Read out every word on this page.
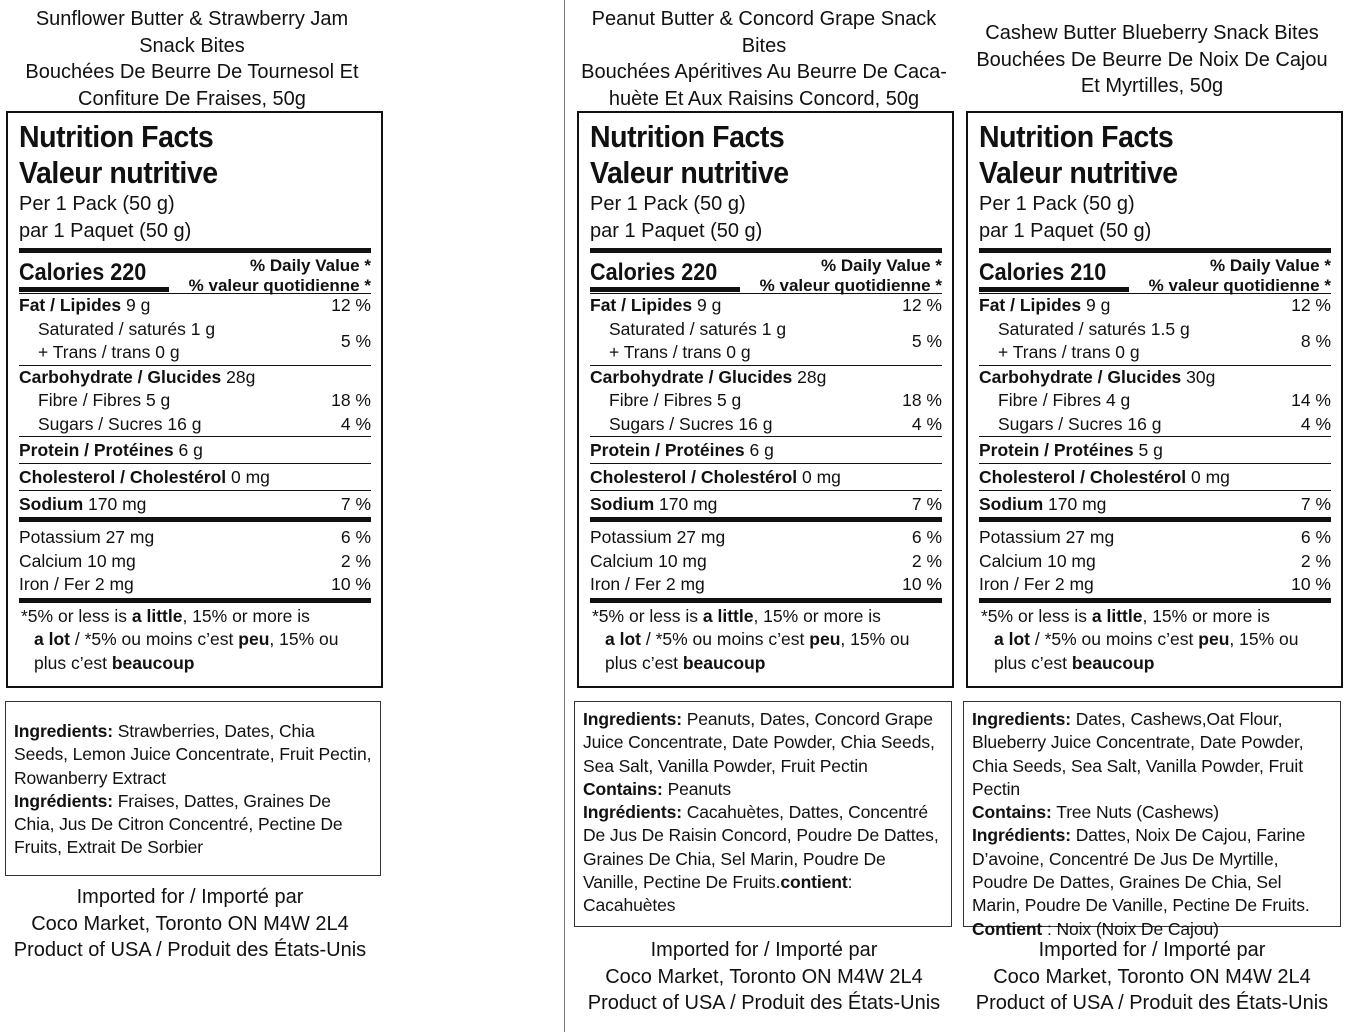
Sunflower Butter & Strawberry Jam
Snack Bites
Bouchées De Beurre De Tournesol Et
Confiture De Fraises, 50g
Peanut Butter & Concord Grape Snack
Bites
Bouchées Apéritives Au Beurre De Caca-
huète Et Aux Raisins Concord, 50g
Cashew Butter Blueberry Snack Bites
Bouchées De Beurre De Noix De Cajou
Et Myrtilles, 50g
Nutrition Facts
Valeur nutritive
Per 1 Pack (50 g)
par 1 Paquet (50 g)
Calories 220	% Daily Value *
% valeur quotidienne *
Fat / Lipides 9 g	12 %
Saturated / saturés 1 g
+ Trans / trans 0 g
5 %
Carbohydrate / Glucides 28g
Fibre / Fibres 5 g	18 %
Sugars / Sucres 16 g	4 %
Protein / Protéines 6 g
Cholesterol / Cholestérol 0 mg
Sodium 170 mg	7 %
Potassium 27 mg	6 %
Calcium 10 mg	2 %
Iron / Fer 2 mg	10 %
*5% or less is a little, 15% or more is
a lot / *5% ou moins c’est peu, 15% ou
plus c’est beaucoup
Nutrition Facts
Valeur nutritive
Per 1 Pack (50 g)
par 1 Paquet (50 g)
Calories 220	% Daily Value *
% valeur quotidienne *
Fat / Lipides 9 g	12 %
Saturated / saturés 1 g
+ Trans / trans 0 g
5 %
Carbohydrate / Glucides 28g
Fibre / Fibres 5 g	18 %
Sugars / Sucres 16 g	4 %
Protein / Protéines 6 g
Cholesterol / Cholestérol 0 mg
Sodium 170 mg	7 %
Potassium 27 mg	6 %
Calcium 10 mg	2 %
Iron / Fer 2 mg	10 %
*5% or less is a little, 15% or more is
a lot / *5% ou moins c’est peu, 15% ou
plus c’est beaucoup
Nutrition Facts
Valeur nutritive
Per 1 Pack (50 g)
par 1 Paquet (50 g)
Calories 210	% Daily Value *
% valeur quotidienne *
Fat / Lipides 9 g	12 %
Saturated / saturés 1.5 g
+ Trans / trans 0 g
8 %
Carbohydrate / Glucides 30g
Fibre / Fibres 4 g	14 %
Sugars / Sucres 16 g	4 %
Protein / Protéines 5 g
Cholesterol / Cholestérol 0 mg
Sodium 170 mg	7 %
Potassium 27 mg	6 %
Calcium 10 mg	2 %
Iron / Fer 2 mg	10 %
*5% or less is a little, 15% or more is
a lot / *5% ou moins c’est peu, 15% ou
plus c’est beaucoup

Ingredients: Strawberries, Dates, Chia Seeds, Lemon Juice Concentrate, Fruit Pectin, Rowanberry Extract

Ingrédients: Fraises, Dattes, Graines De Chia, Jus De Citron Concentré, Pectine De Fruits, Extrait De Sorbier

Ingredients: Peanuts, Dates, Concord Grape Juice Concentrate, Date Powder, Chia Seeds, Sea Salt, Vanilla Powder, Fruit Pectin

Contains: Peanuts

Ingrédients: Cacahuètes, Dattes, Concentré De Jus De Raisin Concord, Poudre De Dattes, Graines De Chia, Sel Marin, Poudre De Vanille, Pectine De Fruits.contient: Cacahuètes

Ingredients: Dates, Cashews,Oat Flour, Blueberry Juice Concentrate, Date Powder, Chia Seeds, Sea Salt, Vanilla Powder, Fruit Pectin

Contains: Tree Nuts (Cashews)

Ingrédients: Dattes, Noix De Cajou, Farine D’avoine, Concentré De Jus De Myrtille, Poudre De Dattes, Graines De Chia, Sel Marin, Poudre De Vanille, Pectine De Fruits.

Contient : Noix (Noix De Cajou)

Imported for / Importé par
Coco Market, Toronto ON M4W 2L4
Product of USA / Produit des États-Unis	Imported for / Importé par
Coco Market, Toronto ON M4W 2L4
Product of USA / Produit des États-Unis
Imported for / Importé par
Coco Market, Toronto ON M4W 2L4
Product of USA / Produit des États-Unis
